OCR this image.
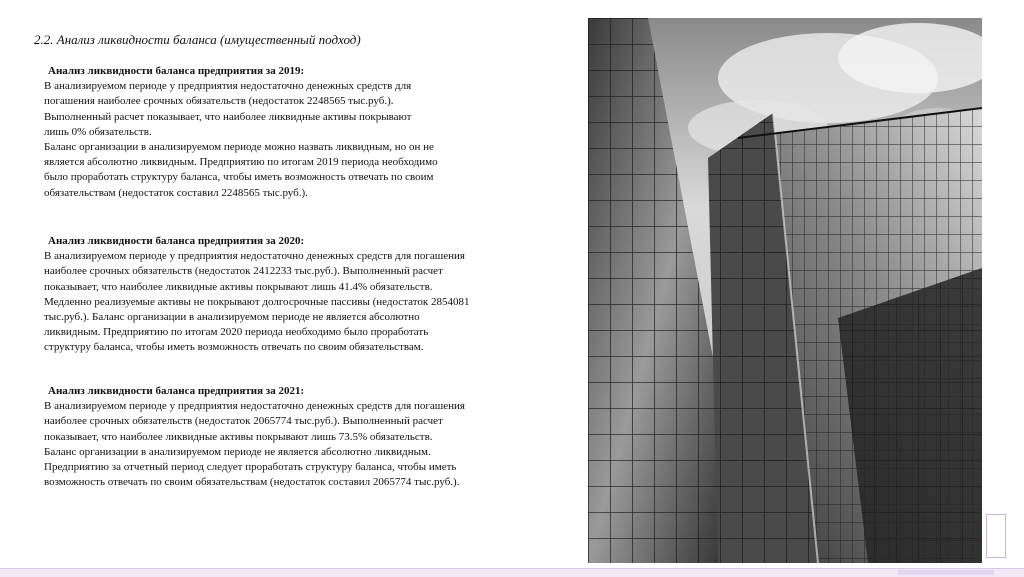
2.2. Анализ ликвидности баланса (имущественный подход)
Анализ ликвидности баланса предприятия за 2019:

В анализируемом периоде у предприятия недостаточно денежных средств для
погашения наиболее срочных обязательств (недостаток 2248565 тыс.руб.).
Выполненный расчет показывает, что наиболее ликвидные активы покрывают
лишь 0% обязательств.
Баланс организации в анализируемом периоде можно назвать ликвидным, но он не
является абсолютно ликвидным. Предприятию по итогам 2019 периода необходимо
было проработать структуру баланса, чтобы иметь возможность отвечать по своим
обязательствам (недостаток составил 2248565 тыс.руб.).

Анализ ликвидности баланса предприятия за 2020:

В анализируемом периоде у предприятия недостаточно денежных средств для погашения
наиболее срочных обязательств (недостаток 2412233 тыс.руб.). Выполненный расчет
показывает, что наиболее ликвидные активы покрывают лишь 41.4% обязательств.
Медленно реализуемые активы не покрывают долгосрочные пассивы (недостаток 2854081
тыс.руб.). Баланс организации в анализируемом периоде не является абсолютно
ликвидным. Предприятию по итогам 2020 периода необходимо было проработать
структуру баланса, чтобы иметь возможность отвечать по своим обязательствам.

Анализ ликвидности баланса предприятия за 2021:

В анализируемом периоде у предприятия недостаточно денежных средств для погашения
наиболее срочных обязательств (недостаток 2065774 тыс.руб.). Выполненный расчет
показывает, что наиболее ликвидные активы покрывают лишь 73.5% обязательств.
Баланс организации в анализируемом периоде не является абсолютно ликвидным.
Предприятию за отчетный период следует проработать структуру баланса, чтобы иметь
возможность отвечать по своим обязательствам (недостаток составил 2065774 тыс.руб.).
